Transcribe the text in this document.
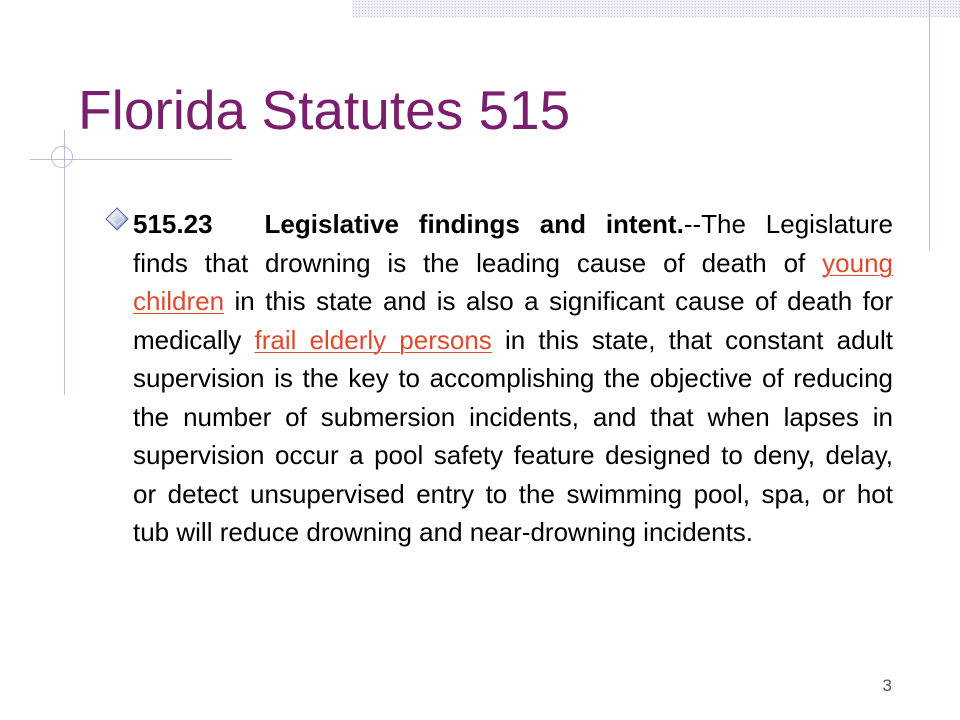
Florida Statutes 515

515.23 Legislative findings and intent.--The Legislature finds that drowning is the leading cause of death of young children in this state and is also a significant cause of death for medically frail elderly persons in this state, that constant adult supervision is the key to accomplishing the objective of reducing the number of submersion incidents, and that when lapses in supervision occur a pool safety feature designed to deny, delay, or detect unsupervised entry to the swimming pool, spa, or hot tub will reduce drowning and near-drowning incidents.

3
